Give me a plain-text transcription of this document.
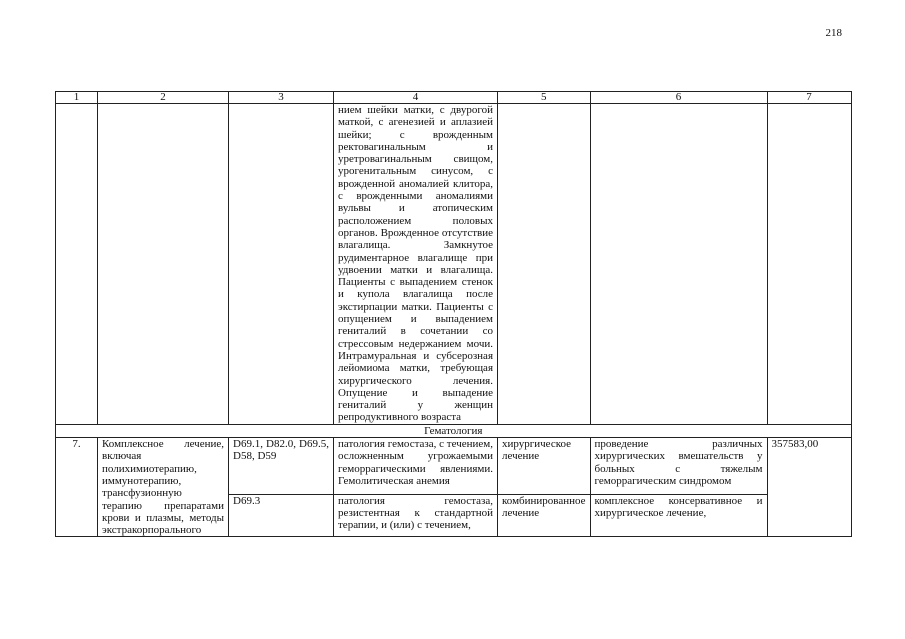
218
1	2	3	4	5	6	7
			нием шейки матки, с двурогой маткой, с агенезией и аплазией шейки; с врожденным ректовагинальным и уретровагинальным свищом, урогенитальным синусом, с врожденной аномалией клитора, с врожденными аномалиями вульвы и атопическим расположением половых органов. Врожденное отсутствие влагалища. Замкнутое рудиментарное влагалище при удвоении матки и влагалища. Пациенты с выпадением стенок и купола влагалища после экстирпации матки. Пациенты с опущением и выпадением гениталий в сочетании со стрессовым недержанием мочи. Интрамуральная и субсерозная лейомиома матки, требующая хирургического лечения. Опущение и выпадение гениталий у женщин репродуктивного возраста			
Гематология						
7.	Комплексное лечение, включая полихимиотерапию, иммунотерапию, трансфузионную терапию препаратами крови и плазмы, методы экстракорпорального	D69.1, D82.0, D69.5, D58, D59	патология гемостаза, с течением, осложненным угрожаемыми геморрагическими явлениями. Гемолитическая анемия	хирургическое лечение	проведение различных хирургических вмешательств у больных с тяжелым геморрагическим синдромом	357583,00
		D69.3	патология гемостаза, резистентная к стандартной терапии, и (или) с течением,	комбинированное лечение	комплексное консервативное и хирургическое лечение,	
